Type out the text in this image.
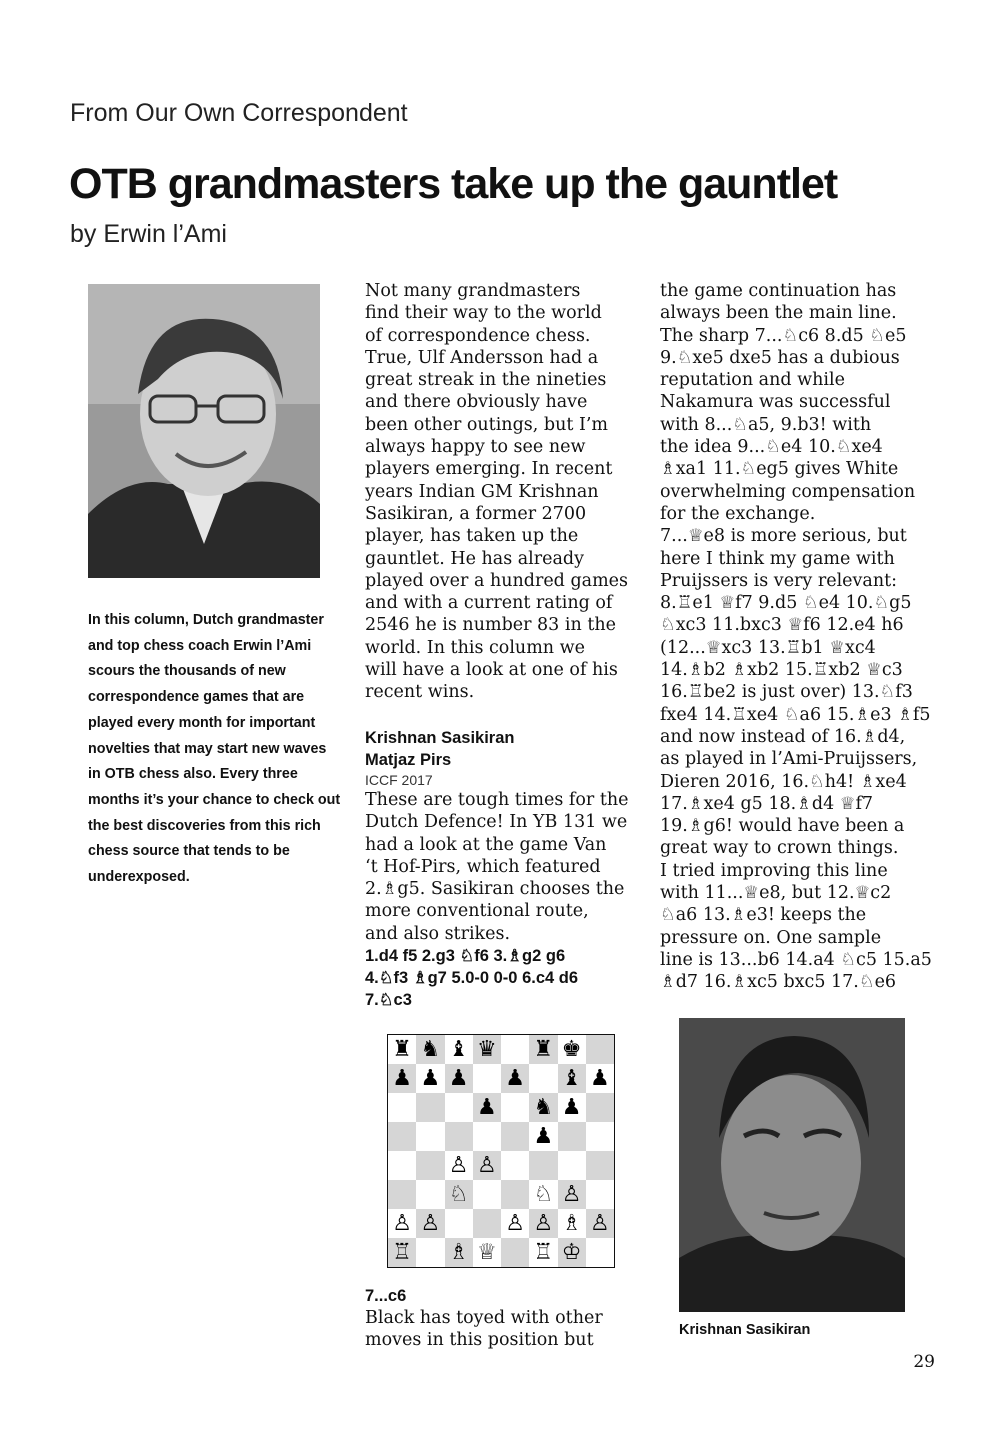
From Our Own Correspondent
OTB grandmasters take up the gauntlet
by Erwin l’Ami
In this column, Dutch grandmaster and top chess coach Erwin l’Ami scours the thousands of new correspondence games that are played every month for important novelties that may start new waves in OTB chess also. Every three months it’s your chance to check out the best discoveries from this rich chess source that tends to be underexposed.

Not many grandmasters

find their way to the world

of correspondence chess.

True, Ulf Andersson had a

great streak in the nineties

and there obviously have

been other outings, but I’m

always happy to see new

players emerging. In recent

years Indian GM Krishnan

Sasikiran, a former 2700

player, has taken up the

gauntlet. He has already

played over a hundred games

and with a current rating of

2546 he is number 83 in the

world. In this column we

will have a look at one of his

recent wins.

Krishnan Sasikiran

Matjaz Pirs

ICCF 2017

These are tough times for the

Dutch Defence! In YB 131 we

had a look at the game Van

‘t Hof-Pirs, which featured

2.♗g5. Sasikiran chooses the

more conventional route,

and also strikes.

1.d4 f5 2.g3 ♘f6 3.♗g2 g6

4.♘f3 ♗g7 5.0-0 0-0 6.c4 d6

7.♘c3

♜ ♞ ♝ ♛ ♜ ♚
♟ ♟ ♟ ♟ ♝ ♟
♟ ♞ ♟
♟
♙ ♙
♘	♘ ♙
♙ ♙	♙ ♙ ♗ ♙
♖ ♗ ♕ ♖ ♔

7...c6

Black has toyed with other

moves in this position but

the game continuation has

always been the main line.

The sharp 7...♘c6 8.d5 ♘e5

9.♘xe5 dxe5 has a dubious

reputation and while

Nakamura was successful

with 8...♘a5, 9.b3! with

the idea 9...♘e4 10.♘xe4

♗xa1 11.♘eg5 gives White

overwhelming compensation

for the exchange.

7...♕e8 is more serious, but

here I think my game with

Pruijssers is very relevant:

8.♖e1 ♕f7 9.d5 ♘e4 10.♘g5

♘xc3 11.bxc3 ♕f6 12.e4 h6

(12...♕xc3 13.♖b1 ♕xc4

14.♗b2 ♗xb2 15.♖xb2 ♕c3

16.♖be2 is just over) 13.♘f3

fxe4 14.♖xe4 ♘a6 15.♗e3 ♗f5

and now instead of 16.♗d4,

as played in l’Ami-Pruijssers,

Dieren 2016, 16.♘h4! ♗xe4

17.♗xe4 g5 18.♗d4 ♕f7

19.♗g6! would have been a

great way to crown things.

I tried improving this line

with 11...♕e8, but 12.♕c2

♘a6 13.♗e3! keeps the

pressure on. One sample

line is 13...b6 14.a4 ♘c5 15.a5

♗d7 16.♗xc5 bxc5 17.♘e6

Krishnan Sasikiran
29
